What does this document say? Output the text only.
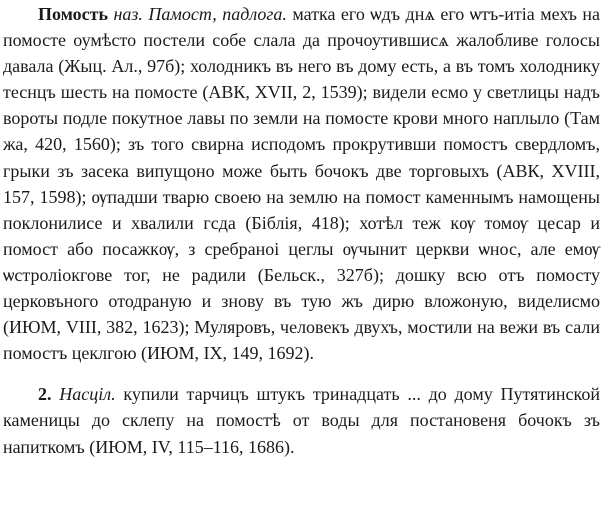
Помость наз. Памост, падлога. матка его ѡдъ днѧ его ѡтъ-итiа мехъ на помосте оумѣсто постели собе слала да прочоутившисѧ жалобливе голосы давала (Жыц. Ал., 97б); холодникъ въ него въ дому есть, а въ томъ холоднику теснцъ шесть на помосте (АВК, XVII, 2, 1539); видели есмо у светлицы надъ вороты подле покутное лавы по земли на помосте крови много наплыло (Там жа, 420, 1560); зъ того свирна исподомъ прокрутивши помостъ свердломъ, грыки зъ засека випущоно може быть бочокъ две торговыхъ (АВК, XVIII, 157, 1598); ѹпадши тварю своею на землю на помост каменнымъ намощены поклонилисе и хвалили гсда (Біблія, 418); хотѣл теж кѹ томѹ цесар и помост або посажкѹ, з сребраноi цеглы ѹчынит церкви ѡнос, але емѹ ѡстроліокгове тог, не радили (Бельск., 327б); дошку всю отъ помосту церковъного отодраную и знову въ тую жъ дирю вложоную, виделисмо (ИЮМ, VIII, 382, 1623); Муляровъ, человекъ двухъ, мостили на вежи въ сали помостъ цеклгою (ИЮМ, IX, 149, 1692).

2. Насціл. купили тарчицъ штукъ тринадцать ... до дому Путятинской каменицы до склепу на помостѣ от воды для постановеня бочокъ зъ напиткомъ (ИЮМ, IV, 115–116, 1686).
